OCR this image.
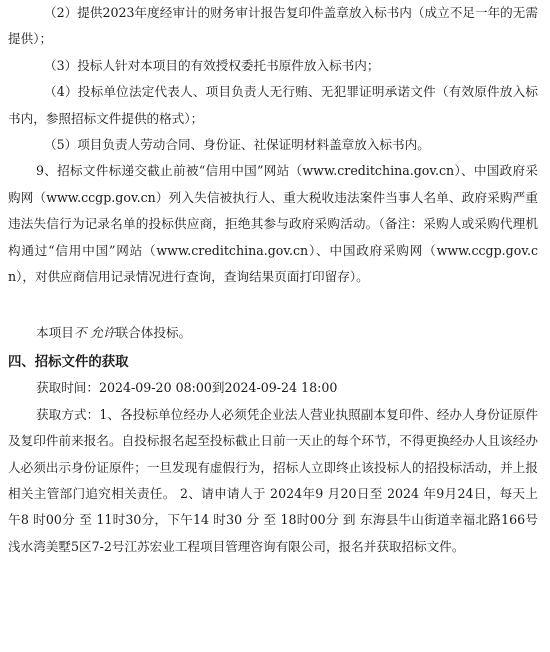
（2）提供2023年度经审计的财务审计报告复印件盖章放入标书内（成立不足一年的无需提供）；

（3）投标人针对本项目的有效授权委托书原件放入标书内；

（4）投标单位法定代表人、项目负责人无行贿、无犯罪证明承诺文件（有效原件放入标书内，参照招标文件提供的格式）；

（5）项目负责人劳动合同、身份证、社保证明材料盖章放入标书内。

9、招标文件标递交截止前被“信用中国”网站（www.creditchina.gov.cn）、中国政府采购网（www.ccgp.gov.cn）列入失信被执行人、重大税收违法案件当事人名单、政府采购严重违法失信行为记录名单的投标供应商，拒绝其参与政府采购活动。（备注：采购人或采购代理机构通过“信用中国”网站（www.creditchina.gov.cn）、中国政府采购网（www.ccgp.gov.cn），对供应商信用记录情况进行查询，查询结果页面打印留存）。

本项目不 允许联合体投标。

四、招标文件的获取

获取时间：2024-09-20 08:00到2024-09-24 18:00

获取方式：1、各投标单位经办人必须凭企业法人营业执照副本复印件、经办人身份证原件及复印件前来报名。自投标报名起至投标截止日前一天止的每个环节，不得更换经办人且该经办人必须出示身份证原件；一旦发现有虚假行为，招标人立即终止该投标人的招投标活动，并上报相关主管部门追究相关责任。 2、请申请人于 2024年9 月20日至 2024 年9月24日，每天上午8 时00分 至 11时30分，下午14 时30 分 至 18时00分 到 东海县牛山街道幸福北路166号浅水湾美墅5区7-2号江苏宏业工程项目管理咨询有限公司，报名并获取招标文件。
